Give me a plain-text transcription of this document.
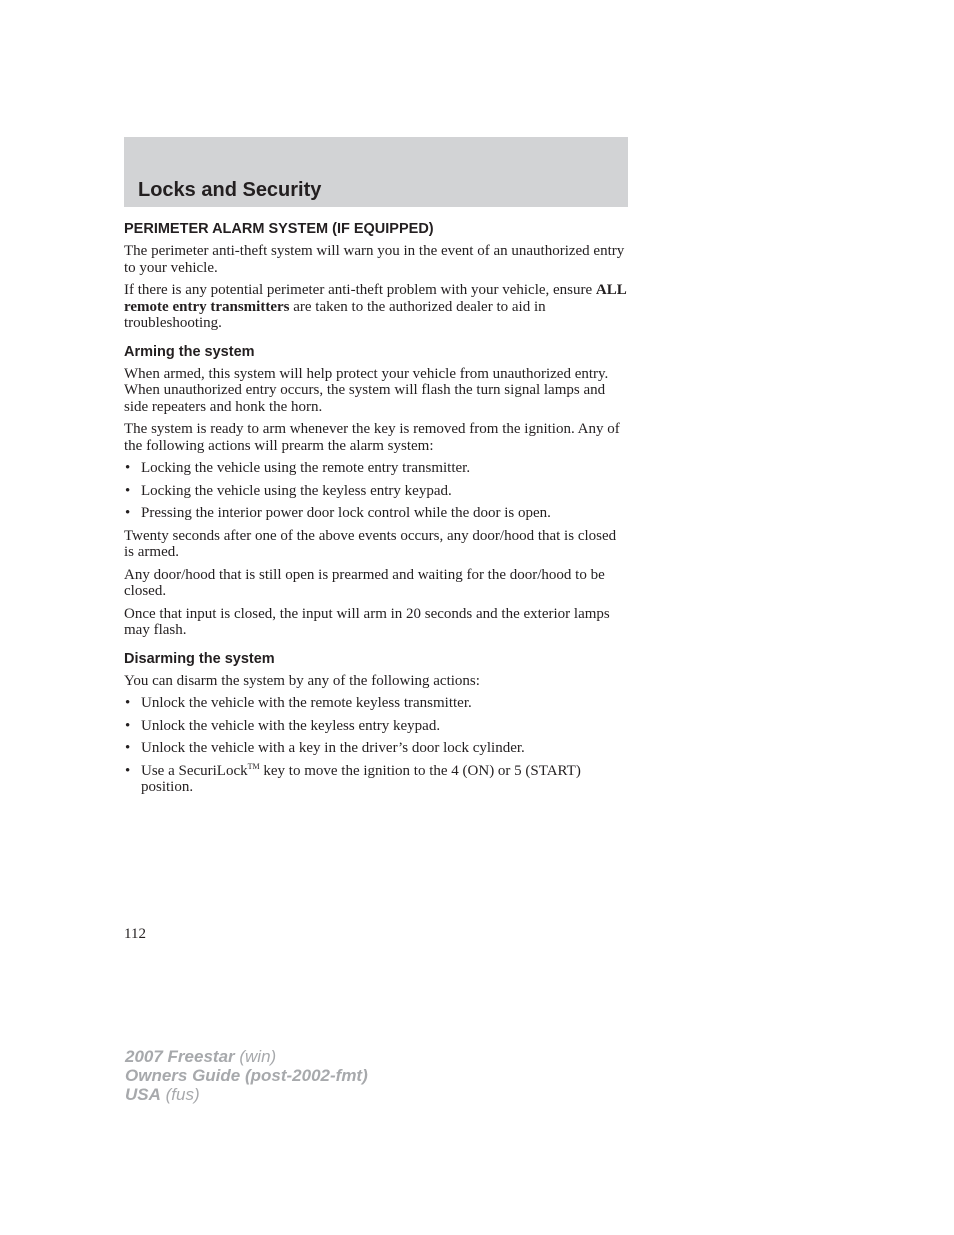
Locks and Security
PERIMETER ALARM SYSTEM (IF EQUIPPED)

The perimeter anti-theft system will warn you in the event of an unauthorized entry to your vehicle.

If there is any potential perimeter anti-theft problem with your vehicle, ensure ALL remote entry transmitters are taken to the authorized dealer to aid in troubleshooting.

Arming the system

When armed, this system will help protect your vehicle from unauthorized entry. When unauthorized entry occurs, the system will flash the turn signal lamps and side repeaters and honk the horn.

The system is ready to arm whenever the key is removed from the ignition. Any of the following actions will prearm the alarm system:

• Locking the vehicle using the remote entry transmitter.
• Locking the vehicle using the keyless entry keypad.
• Pressing the interior power door lock control while the door is open.

Twenty seconds after one of the above events occurs, any door/hood that is closed is armed.

Any door/hood that is still open is prearmed and waiting for the door/hood to be closed.

Once that input is closed, the input will arm in 20 seconds and the exterior lamps may flash.

Disarming the system

You can disarm the system by any of the following actions:

• Unlock the vehicle with the remote keyless transmitter.
• Unlock the vehicle with the keyless entry keypad.
• Unlock the vehicle with a key in the driver’s door lock cylinder.
• Use a SecuriLock™ key to move the ignition to the 4 (ON) or 5 (START) position.
112
2007 Freestar (win)
Owners Guide (post-2002-fmt)
USA (fus)
